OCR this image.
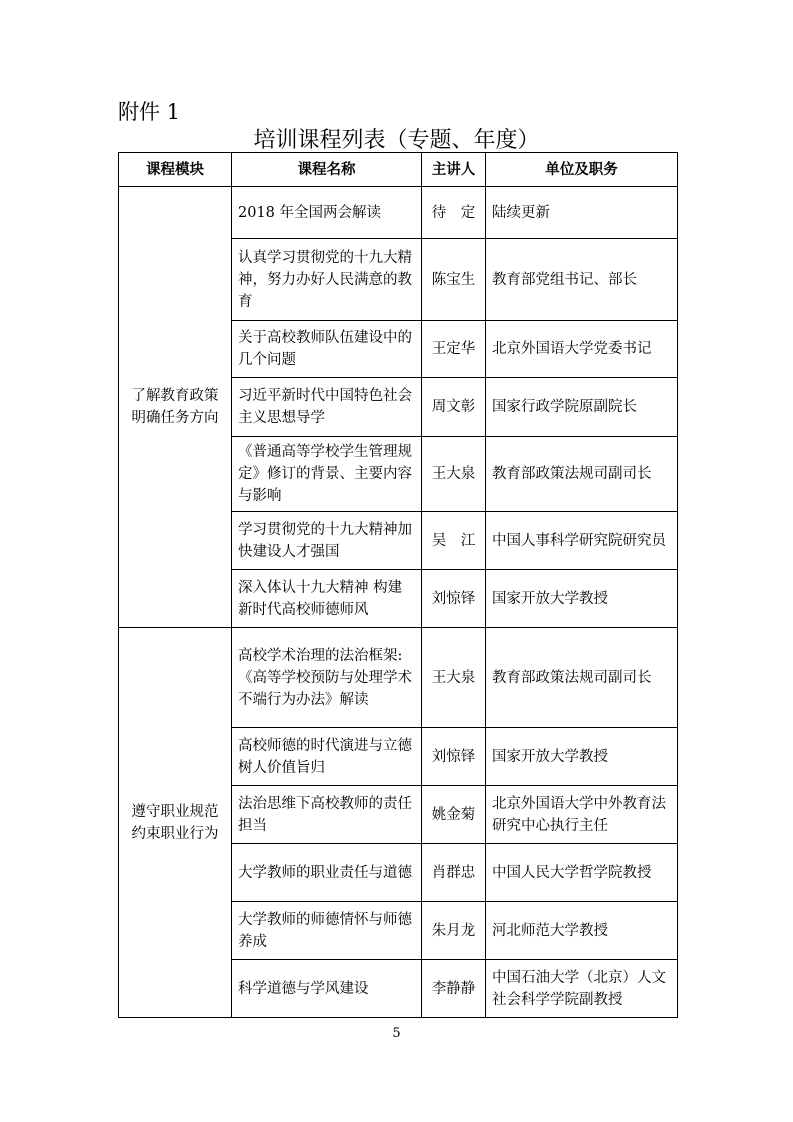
附件 1
培训课程列表（专题、年度）
课程模块	课程名称	主讲人	单位及职务
了解教育政策明确任务方向	2018 年全国两会解读	待　定	陆续更新
	认真学习贯彻党的十九大精神，努力办好人民满意的教育	陈宝生	教育部党组书记、部长
	关于高校教师队伍建设中的几个问题	王定华	北京外国语大学党委书记
	习近平新时代中国特色社会主义思想导学	周文彰	国家行政学院原副院长
	《普通高等学校学生管理规定》修订的背景、主要内容与影响	王大泉	教育部政策法规司副司长
	学习贯彻党的十九大精神加快建设人才强国	吴　江	中国人事科学研究院研究员
	深入体认十九大精神 构建新时代高校师德师风	刘惊铎	国家开放大学教授
遵守职业规范约束职业行为	高校学术治理的法治框架:《高等学校预防与处理学术不端行为办法》解读	王大泉	教育部政策法规司副司长
	高校师德的时代演进与立德树人价值旨归	刘惊铎	国家开放大学教授
	法治思维下高校教师的责任担当	姚金菊	北京外国语大学中外教育法研究中心执行主任
	大学教师的职业责任与道德	肖群忠	中国人民大学哲学院教授
	大学教师的师德情怀与师德养成	朱月龙	河北师范大学教授
	科学道德与学风建设	李静静	中国石油大学（北京）人文社会科学学院副教授
5
